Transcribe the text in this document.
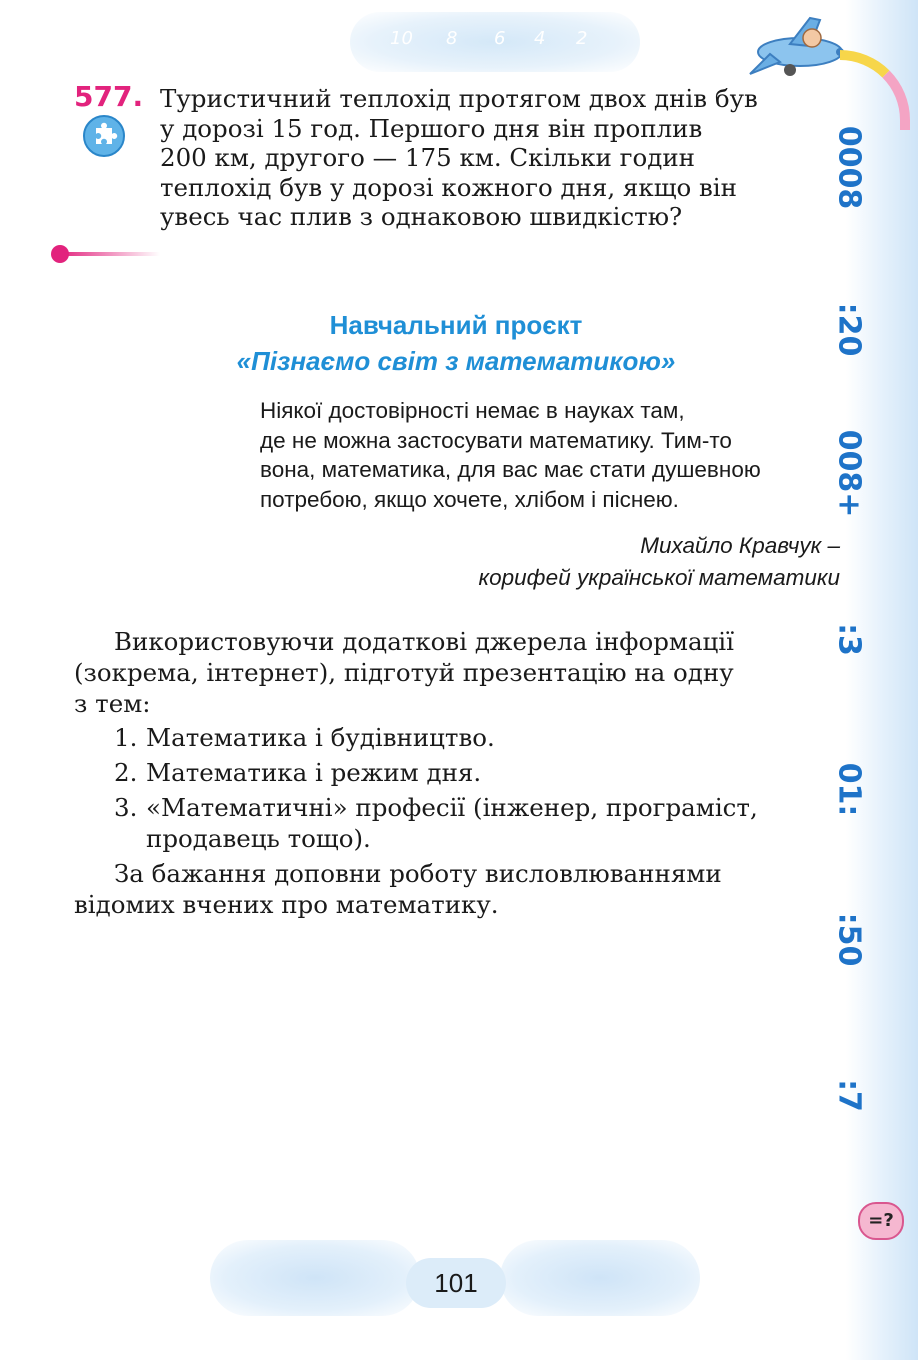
0008
:20
008+
:3
01:
:50
:7
10 8 6 4 2
577. Туристичний теплохід протягом двох днів був
у дорозі 15 год. Першого дня він проплив
200 км, другого — 175 км. Скільки годин
теплохід був у дорозі кожного дня, якщо він
увесь час плив з однаковою швидкістю?
Навчальний проєкт
«Пізнаємо світ з математикою»
Ніякої достовірності немає в науках там,
де не можна застосувати математику. Тим-то
вона, математика, для вас має стати душевною
потребою, якщо хочете, хлібом і піснею.
Михайло Кравчук –
корифей української математики
Використовуючи додаткові джерела інформації
(зокрема, інтернет), підготуй презентацію на одну
з тем:
1. Математика і будівництво.
2. Математика і режим дня.
3. «Математичні» професії (інженер, програміст,
продавець тощо).
За бажання доповни роботу висловлюваннями
відомих вчених про математику.
=?
101
